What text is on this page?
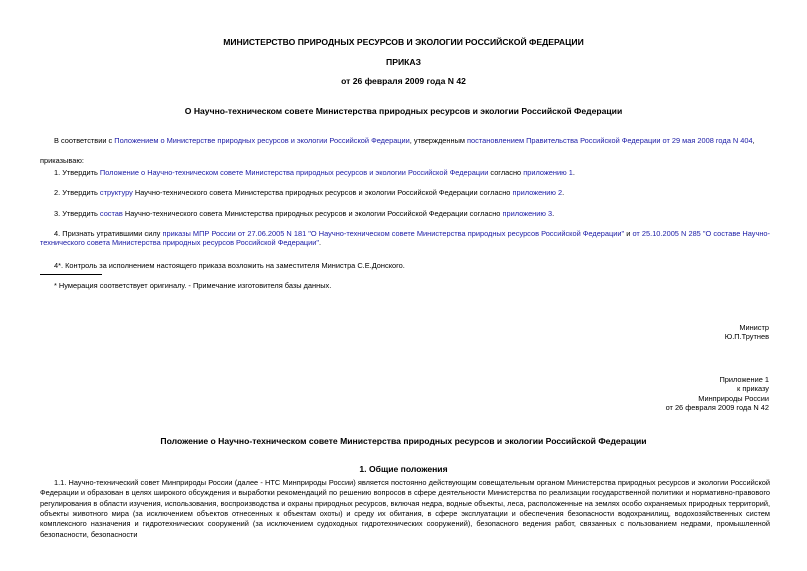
МИНИСТЕРСТВО ПРИРОДНЫХ РЕСУРСОВ И ЭКОЛОГИИ РОССИЙСКОЙ ФЕДЕРАЦИИ
ПРИКАЗ
от 26 февраля 2009 года N 42
О Научно-техническом совете Министерства природных ресурсов и экологии Российской Федерации
В соответствии с Положением о Министерстве природных ресурсов и экологии Российской Федерации, утвержденным постановлением Правительства Российской Федерации от 29 мая 2008 года N 404,
приказываю:
1. Утвердить Положение о Научно-техническом совете Министерства природных ресурсов и экологии Российской Федерации согласно приложению 1.
2. Утвердить структуру Научно-технического совета Министерства природных ресурсов и экологии Российской Федерации согласно приложению 2.
3. Утвердить состав Научно-технического совета Министерства природных ресурсов и экологии Российской Федерации согласно приложению 3.
4. Признать утратившими силу приказы МПР России от 27.06.2005 N 181 "О Научно-техническом совете Министерства природных ресурсов Российской Федерации" и от 25.10.2005 N 285 "О составе Научно-технического совета Министерства природных ресурсов Российской Федерации".
4*. Контроль за исполнением настоящего приказа возложить на заместителя Министра С.Е.Донского.
* Нумерация соответствует оригиналу. - Примечание изготовителя базы данных.
Министр
Ю.П.Трутнев
Приложение 1
к приказу
Минприроды России
от 26 февраля 2009 года N 42
Положение о Научно-техническом совете Министерства природных ресурсов и экологии Российской Федерации
1. Общие положения
1.1. Научно-технический совет Минприроды России (далее - НТС Минприроды России) является постоянно действующим совещательным органом Министерства природных ресурсов и экологии Российской Федерации и образован в целях широкого обсуждения и выработки рекомендаций по решению вопросов в сфере деятельности Министерства по реализации государственной политики и нормативно-правового регулирования в области изучения, использования, воспроизводства и охраны природных ресурсов, включая недра, водные объекты, леса, расположенные на землях особо охраняемых природных территорий, объекты животного мира (за исключением объектов отнесенных к объектам охоты) и среду их обитания, в сфере эксплуатации и обеспечения безопасности водохранилищ, водохозяйственных систем комплексного назначения и гидротехнических сооружений (за исключением судоходных гидротехнических сооружений), безопасного ведения работ, связанных с пользованием недрами, промышленной безопасности, безопасности
